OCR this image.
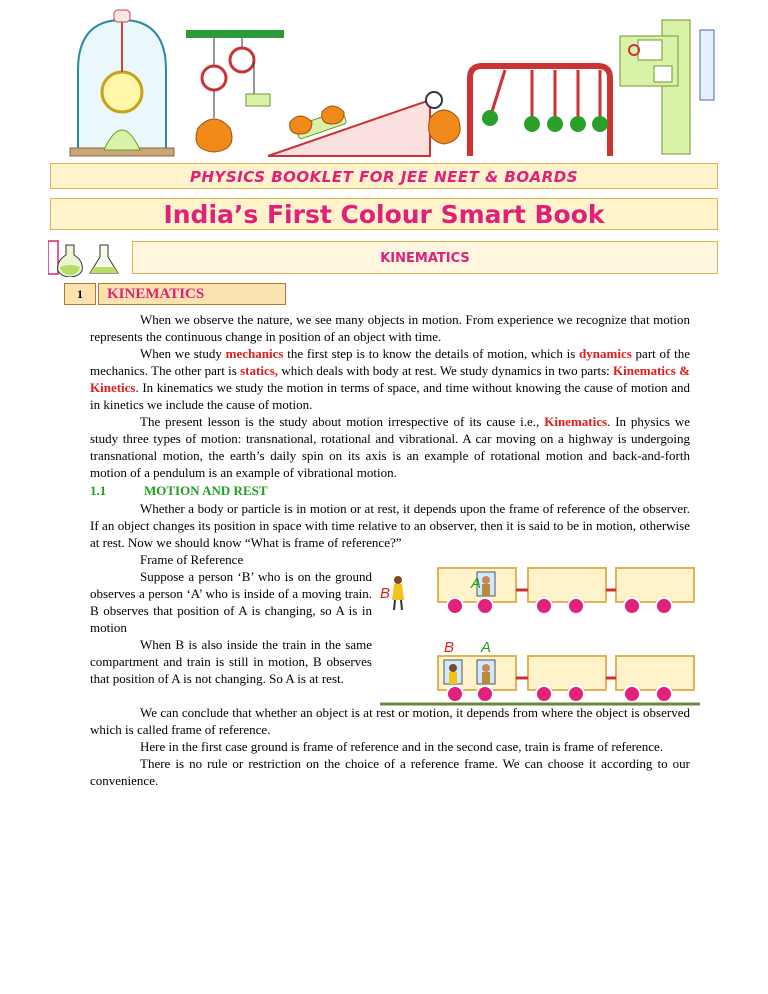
PHYSICS BOOKLET FOR JEE NEET & BOARDS
India’s First Colour Smart Book
KINEMATICS
1	KINEMATICS

When we observe the nature, we see many objects in motion. From experience we recognize that motion represents the continuous change in position of an object with time.

When we study mechanics the first step is to know the details of motion, which is dynamics part of the mechanics. The other part is statics, which deals with body at rest. We study dynamics in two parts: Kinematics & Kinetics. In kinematics we study the motion in terms of space, and time without knowing the cause of motion and in kinetics we include the cause of motion.

The present lesson is the study about motion irrespective of its cause i.e., Kinematics. In physics we study three types of motion: transnational, rotational and vibrational. A car moving on a highway is undergoing transnational motion, the earth’s daily spin on its axis is an example of rotational motion and back-and-forth motion of a pendulum is an example of vibrational motion.

1.1	MOTION AND REST

Whether a body or particle is in motion or at rest, it depends upon the frame of reference of the observer. If an object changes its position in space with time relative to an observer, then it is said to be in motion, otherwise at rest. Now we should know “What is frame of reference?”

Frame of Reference
Suppose a person ‘B’ who is on the ground observes a person ‘A’ who is inside of a moving train. B observes that position of A is changing, so A is in motion
When B is also inside the train in the same compartment and train is still in motion, B observes that position of A is not changing. So A is at rest.
A
B
B A

We can conclude that whether an object is at rest or motion, it depends from where the object is observed which is called frame of reference.

Here in the first case ground is frame of reference and in the second case, train is frame of reference.

There is no rule or restriction on the choice of a reference frame. We can choose it according to our convenience.
